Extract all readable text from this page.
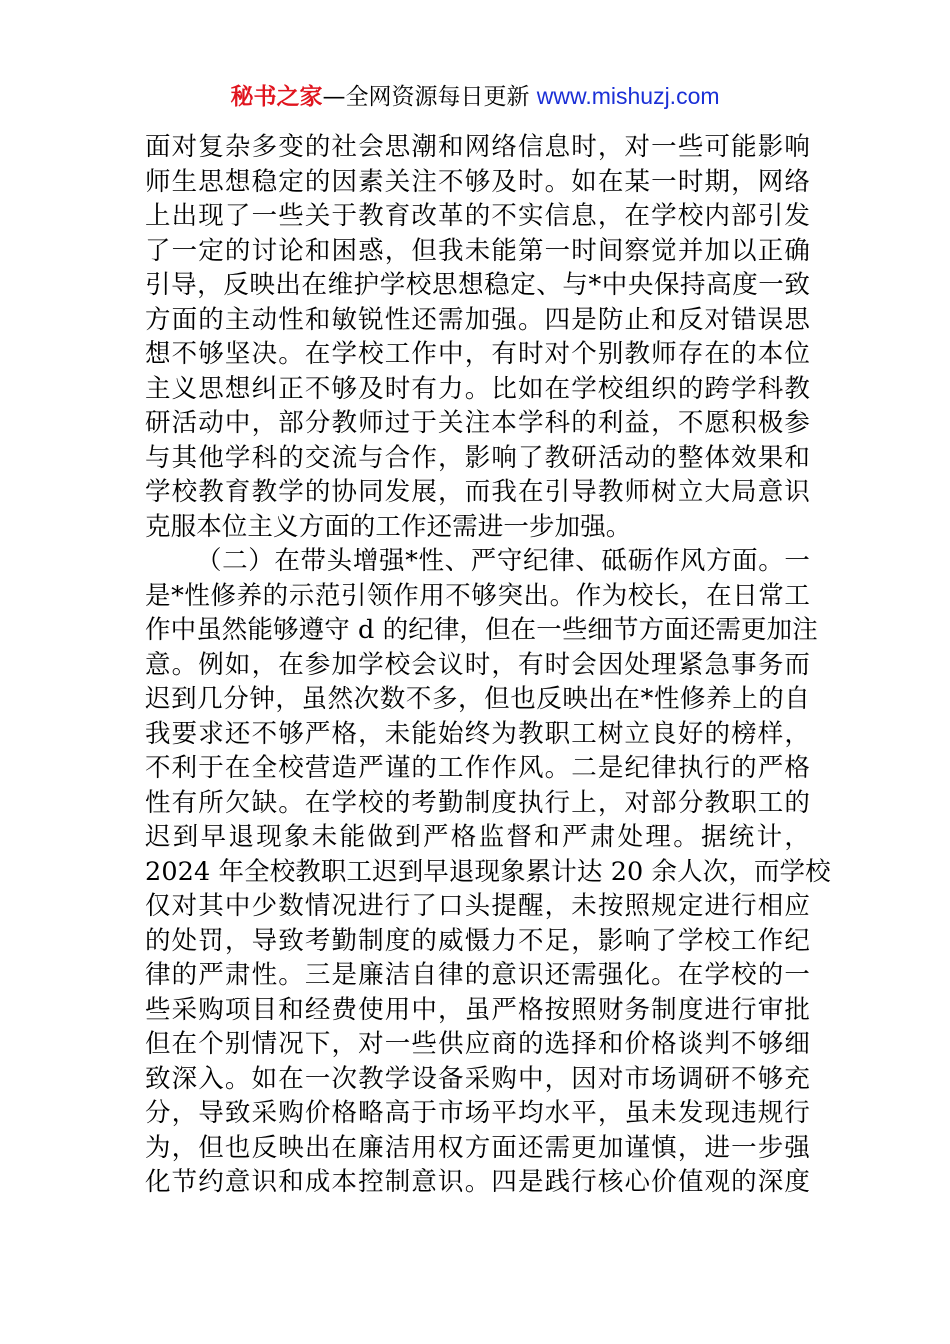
秘书之家—全网资源每日更新 www.mishuzj.com
面对复杂多变的社会思潮和网络信息时，对一些可能影响
师生思想稳定的因素关注不够及时。如在某一时期，网络
上出现了一些关于教育改革的不实信息，在学校内部引发
了一定的讨论和困惑，但我未能第一时间察觉并加以正确
引导，反映出在维护学校思想稳定、与*中央保持高度一致
方面的主动性和敏锐性还需加强。四是防止和反对错误思
想不够坚决。在学校工作中，有时对个别教师存在的本位
主义思想纠正不够及时有力。比如在学校组织的跨学科教
研活动中，部分教师过于关注本学科的利益，不愿积极参
与其他学科的交流与合作，影响了教研活动的整体效果和
学校教育教学的协同发展，而我在引导教师树立大局意识
克服本位主义方面的工作还需进一步加强。
（二）在带头增强*性、严守纪律、砥砺作风方面。一
是*性修养的示范引领作用不够突出。作为校长，在日常工
作中虽然能够遵守 d 的纪律，但在一些细节方面还需更加注
意。例如，在参加学校会议时，有时会因处理紧急事务而
迟到几分钟，虽然次数不多，但也反映出在*性修养上的自
我要求还不够严格，未能始终为教职工树立良好的榜样，
不利于在全校营造严谨的工作作风。二是纪律执行的严格
性有所欠缺。在学校的考勤制度执行上，对部分教职工的
迟到早退现象未能做到严格监督和严肃处理。据统计，
2024 年全校教职工迟到早退现象累计达 20 余人次，而学校
仅对其中少数情况进行了口头提醒，未按照规定进行相应
的处罚，导致考勤制度的威慑力不足，影响了学校工作纪
律的严肃性。三是廉洁自律的意识还需强化。在学校的一
些采购项目和经费使用中，虽严格按照财务制度进行审批
但在个别情况下，对一些供应商的选择和价格谈判不够细
致深入。如在一次教学设备采购中，因对市场调研不够充
分，导致采购价格略高于市场平均水平，虽未发现违规行
为，但也反映出在廉洁用权方面还需更加谨慎，进一步强
化节约意识和成本控制意识。四是践行核心价值观的深度
